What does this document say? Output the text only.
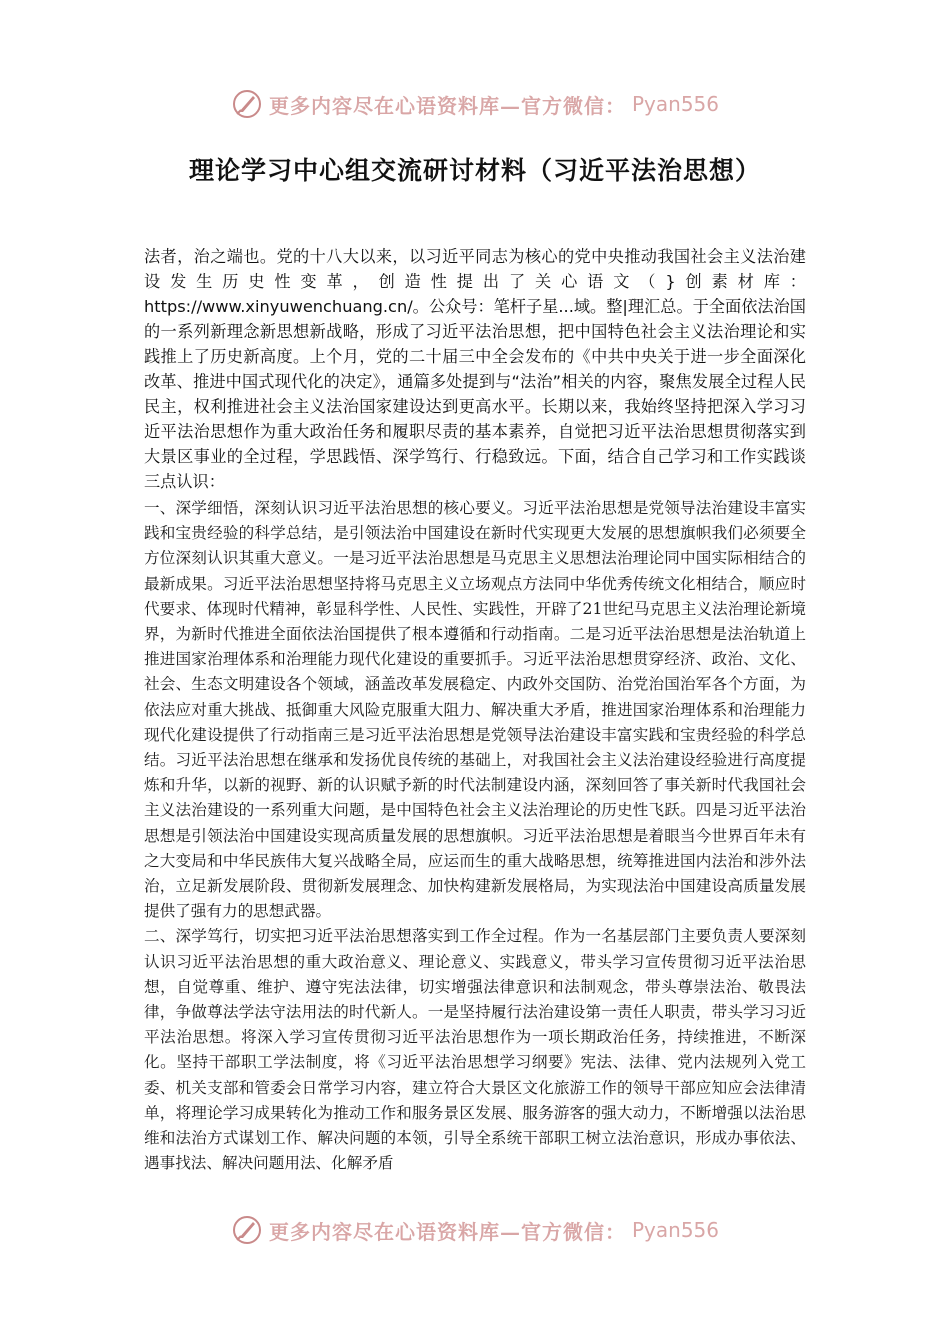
更多内容尽在心语资料库—官方微信： Pyan556
理论学习中心组交流研讨材料（习近平法治思想）

法者，治之端也。党的十八大以来，以习近平同志为核心的党中央推动我国社会主义法治建设发生历史性变革，创造性提出了关心语文（}创素材库：https://www.xinyuwenchuang.cn/。公众号：笔杆子星...域。整|理汇总。于全面依法治国的一系列新理念新思想新战略，形成了习近平法治思想，把中国特色社会主义法治理论和实践推上了历史新高度。上个月，党的二十届三中全会发布的《中共中央关于进一步全面深化改革、推进中国式现代化的决定》，通篇多处提到与“法治”相关的内容，聚焦发展全过程人民民主，权利推进社会主义法治国家建设达到更高水平。长期以来，我始终坚持把深入学习习近平法治思想作为重大政治任务和履职尽责的基本素养，自觉把习近平法治思想贯彻落实到大景区事业的全过程，学思践悟、深学笃行、行稳致远。下面，结合自己学习和工作实践谈三点认识：

一、深学细悟，深刻认识习近平法治思想的核心要义。习近平法治思想是党领导法治建设丰富实践和宝贵经验的科学总结，是引领法治中国建设在新时代实现更大发展的思想旗帜我们必须要全方位深刻认识其重大意义。一是习近平法治思想是马克思主义思想法治理论同中国实际相结合的最新成果。习近平法治思想坚持将马克思主义立场观点方法同中华优秀传统文化相结合，顺应时代要求、体现时代精神，彰显科学性、人民性、实践性，开辟了21世纪马克思主义法治理论新境界，为新时代推进全面依法治国提供了根本遵循和行动指南。二是习近平法治思想是法治轨道上推进国家治理体系和治理能力现代化建设的重要抓手。习近平法治思想贯穿经济、政治、文化、社会、生态文明建设各个领域，涵盖改革发展稳定、内政外交国防、治党治国治军各个方面，为依法应对重大挑战、抵御重大风险克服重大阻力、解决重大矛盾，推进国家治理体系和治理能力现代化建设提供了行动指南三是习近平法治思想是党领导法治建设丰富实践和宝贵经验的科学总结。习近平法治思想在继承和发扬优良传统的基础上，对我国社会主义法治建设经验进行高度提炼和升华，以新的视野、新的认识赋予新的时代法制建设内涵，深刻回答了事关新时代我国社会主义法治建设的一系列重大问题，是中国特色社会主义法治理论的历史性飞跃。四是习近平法治思想是引领法治中国建设实现高质量发展的思想旗帜。习近平法治思想是着眼当今世界百年未有之大变局和中华民族伟大复兴战略全局，应运而生的重大战略思想，统筹推进国内法治和涉外法治，立足新发展阶段、贯彻新发展理念、加快构建新发展格局，为实现法治中国建设高质量发展提供了强有力的思想武器。

二、深学笃行，切实把习近平法治思想落实到工作全过程。作为一名基层部门主要负责人要深刻认识习近平法治思想的重大政治意义、理论意义、实践意义，带头学习宣传贯彻习近平法治思想，自觉尊重、维护、遵守宪法法律，切实增强法律意识和法制观念，带头尊崇法治、敬畏法律，争做尊法学法守法用法的时代新人。一是坚持履行法治建设第一责任人职责，带头学习习近平法治思想。将深入学习宣传贯彻习近平法治思想作为一项长期政治任务，持续推进，不断深化。坚持干部职工学法制度，将《习近平法治思想学习纲要》宪法、法律、党内法规列入党工委、机关支部和管委会日常学习内容，建立符合大景区文化旅游工作的领导干部应知应会法律清单，将理论学习成果转化为推动工作和服务景区发展、服务游客的强大动力，不断增强以法治思维和法治方式谋划工作、解决问题的本领，引导全系统干部职工树立法治意识，形成办事依法、遇事找法、解决问题用法、化解矛盾

更多内容尽在心语资料库—官方微信： Pyan556
